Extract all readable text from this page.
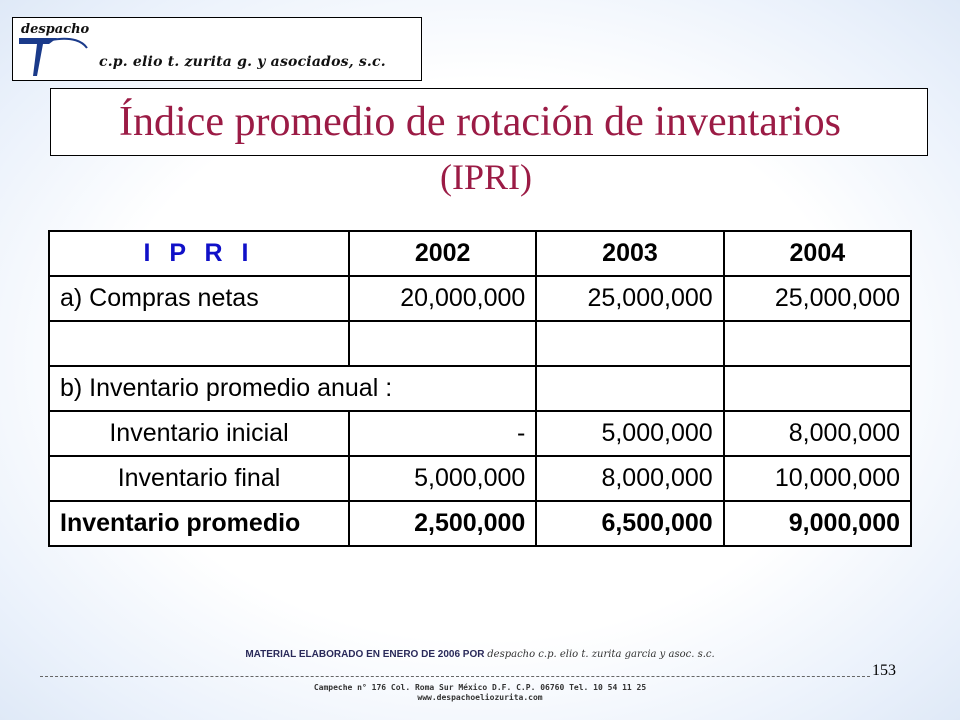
despacho
c.p. elio t. zurita g. y asociados, s.c.
Índice promedio de rotación de inventarios
(IPRI)
I P R I	2002	2003	2004
a) Compras netas	20,000,000	25,000,000	25,000,000

b) Inventario promedio anual :			
Inventario inicial	-	5,000,000	8,000,000
Inventario final	5,000,000	8,000,000	10,000,000
Inventario promedio	2,500,000	6,500,000	9,000,000
MATERIAL ELABORADO EN ENERO DE 2006 POR despacho c.p. elio t. zurita garcia y asoc. s.c.
153
Campeche n° 176 Col. Roma Sur México D.F. C.P. 06760 Tel. 10 54 11 25
www.despachoeliozurita.com
